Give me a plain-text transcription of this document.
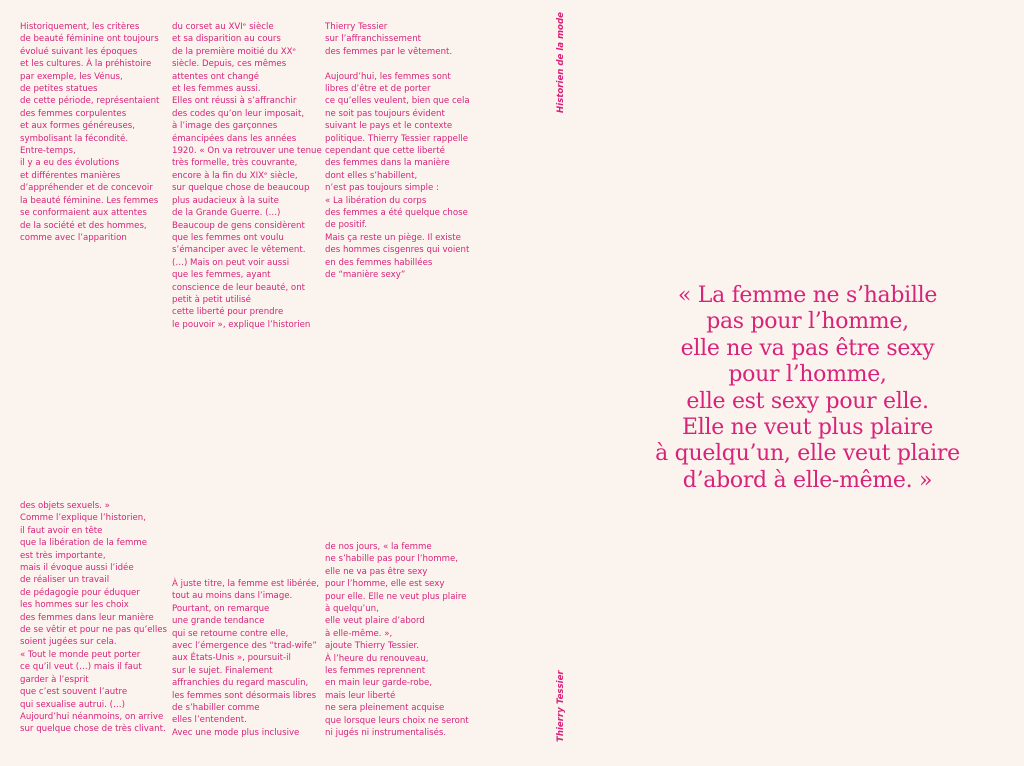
Historiquement, les critères

de beauté féminine ont toujours

évolué suivant les époques

et les cultures. À la préhistoire

par exemple, les Vénus,

de petites statues

de cette période, représentaient

des femmes corpulentes

et aux formes généreuses,

symbolisant la fécondité.

Entre-temps,

il y a eu des évolutions

et différentes manières

d’appréhender et de concevoir

la beauté féminine. Les femmes

se conformaient aux attentes

de la société et des hommes,

comme avec l’apparition

du corset au XVIᵉ siècle

et sa disparition au cours

de la première moitié du XXᵉ

siècle. Depuis, ces mêmes

attentes ont changé

et les femmes aussi.

Elles ont réussi à s’affranchir

des codes qu’on leur imposait,

à l’image des garçonnes

émancipées dans les années

1920. « On va retrouver une tenue

très formelle, très couvrante,

encore à la fin du XIXᵉ siècle,

sur quelque chose de beaucoup

plus audacieux à la suite

de la Grande Guerre. (…)

Beaucoup de gens considèrent

que les femmes ont voulu

s’émanciper avec le vêtement.

(…) Mais on peut voir aussi

que les femmes, ayant

conscience de leur beauté, ont

petit à petit utilisé

cette liberté pour prendre

le pouvoir », explique l’historien

Thierry Tessier

sur l’affranchissement

des femmes par le vêtement.

Aujourd’hui, les femmes sont

libres d’être et de porter

ce qu’elles veulent, bien que cela

ne soit pas toujours évident

suivant le pays et le contexte

politique. Thierry Tessier rappelle

cependant que cette liberté

des femmes dans la manière

dont elles s’habillent,

n’est pas toujours simple :

« La libération du corps

des femmes a été quelque chose

de positif.

Mais ça reste un piège. Il existe

des hommes cisgenres qui voient

en des femmes habillées

de “manière sexy”

des objets sexuels. »

Comme l’explique l’historien,

il faut avoir en tête

que la libération de la femme

est très importante,

mais il évoque aussi l’idée

de réaliser un travail

de pédagogie pour éduquer

les hommes sur les choix

des femmes dans leur manière

de se vêtir et pour ne pas qu’elles

soient jugées sur cela.

« Tout le monde peut porter

ce qu’il veut (…) mais il faut

garder à l’esprit

que c’est souvent l’autre

qui sexualise autrui. (…)

Aujourd’hui néanmoins, on arrive

sur quelque chose de très clivant.

À juste titre, la femme est libérée,

tout au moins dans l’image.

Pourtant, on remarque

une grande tendance

qui se retourne contre elle,

avec l’émergence des “trad-wife”

aux États-Unis », poursuit-il

sur le sujet. Finalement

affranchies du regard masculin,

les femmes sont désormais libres

de s’habiller comme

elles l’entendent.

Avec une mode plus inclusive

de nos jours, « la femme

ne s’habille pas pour l’homme,

elle ne va pas être sexy

pour l’homme, elle est sexy

pour elle. Elle ne veut plus plaire

à quelqu’un,

elle veut plaire d’abord

à elle-même. »,

ajoute Thierry Tessier.

À l’heure du renouveau,

les femmes reprennent

en main leur garde-robe,

mais leur liberté

ne sera pleinement acquise

que lorsque leurs choix ne seront

ni jugés ni instrumentalisés.

Historien de la mode
Thierry Tessier
« La femme ne s’habille
pas pour l’homme,
elle ne va pas être sexy
pour l’homme,
elle est sexy pour elle.
Elle ne veut plus plaire
à quelqu’un, elle veut plaire
d’abord à elle-même. »
